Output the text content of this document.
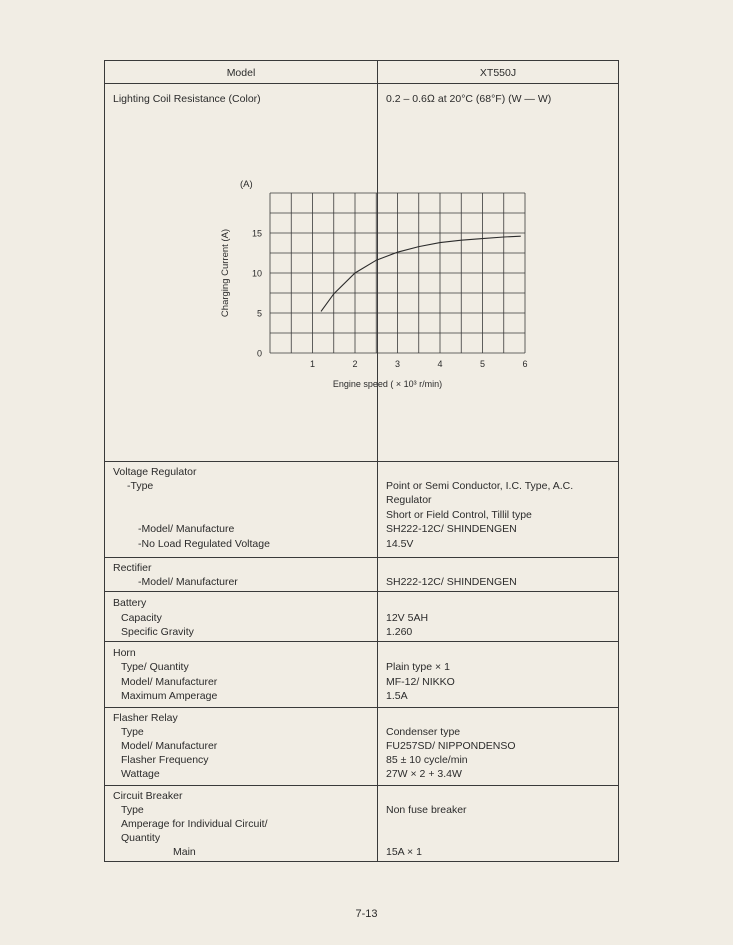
Model	XT550J
Lighting Coil Resistance (Color)	0.2 – 0.6Ω at 20°C (68°F) (W — W)
0
5
10
15
1	2	3	4	5	6
(A)
Charging Current (A)
Engine speed ( × 10³ r/min)
Voltage Regulator
-Type	Point or Semi Conductor, I.C. Type, A.C.
Regulator
Short or Field Control, Tillil type
-Model/ Manufacture	SH222-12C/ SHINDENGEN
-No Load Regulated Voltage	14.5V
Rectifier
-Model/ Manufacturer	SH222-12C/ SHINDENGEN
Battery
Capacity	12V 5AH
Specific Gravity	1.260
Horn
Type/ Quantity	Plain type × 1
Model/ Manufacturer	MF-12/ NIKKO
Maximum Amperage	1.5A
Flasher Relay
Type	Condenser type
Model/ Manufacturer	FU257SD/ NIPPONDENSO
Flasher Frequency	85 ± 10 cycle/min
Wattage	27W × 2 + 3.4W
Circuit Breaker
Type	Non fuse breaker
Amperage for Individual Circuit/
Quantity
Main	15A × 1
7-13
